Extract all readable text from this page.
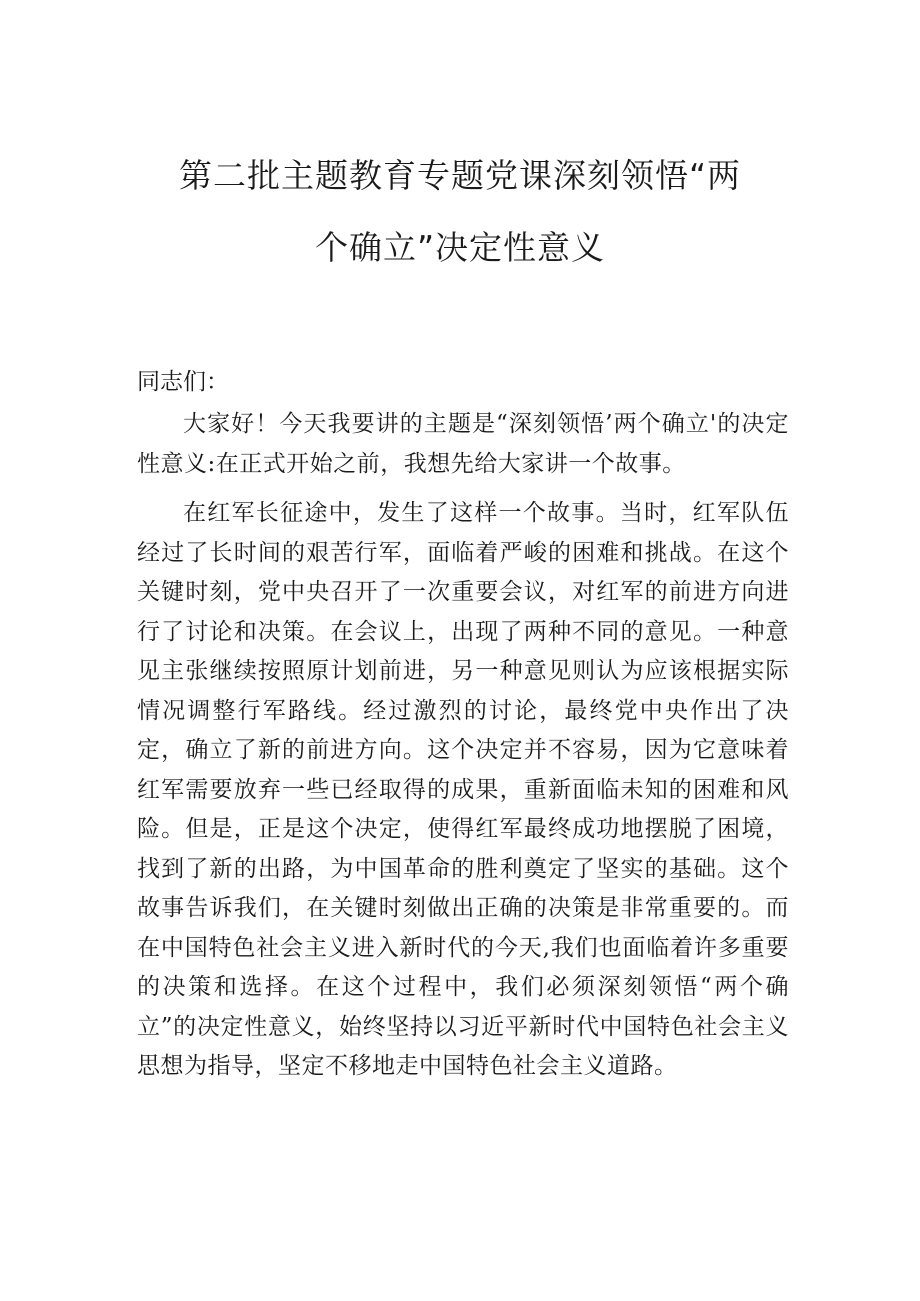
第二批主题教育专题党课深刻领悟“两
个确立”决定性意义

同志们：

大家好！今天我要讲的主题是“深刻领悟’两个确立'的决定性意义:在正式开始之前，我想先给大家讲一个故事。

在红军长征途中，发生了这样一个故事。当时，红军队伍经过了长时间的艰苦行军，面临着严峻的困难和挑战。在这个关键时刻，党中央召开了一次重要会议，对红军的前进方向进行了讨论和决策。在会议上，出现了两种不同的意见。一种意见主张继续按照原计划前进，另一种意见则认为应该根据实际情况调整行军路线。经过激烈的讨论，最终党中央作出了决定，确立了新的前进方向。这个决定并不容易，因为它意味着红军需要放弃一些已经取得的成果，重新面临未知的困难和风险。但是，正是这个决定，使得红军最终成功地摆脱了困境，找到了新的出路，为中国革命的胜利奠定了坚实的基础。这个故事告诉我们，在关键时刻做出正确的决策是非常重要的。而在中国特色社会主义进入新时代的今天,我们也面临着许多重要的决策和选择。在这个过程中，我们必须深刻领悟“两个确立”的决定性意义，始终坚持以习近平新时代中国特色社会主义思想为指导，坚定不移地走中国特色社会主义道路。
